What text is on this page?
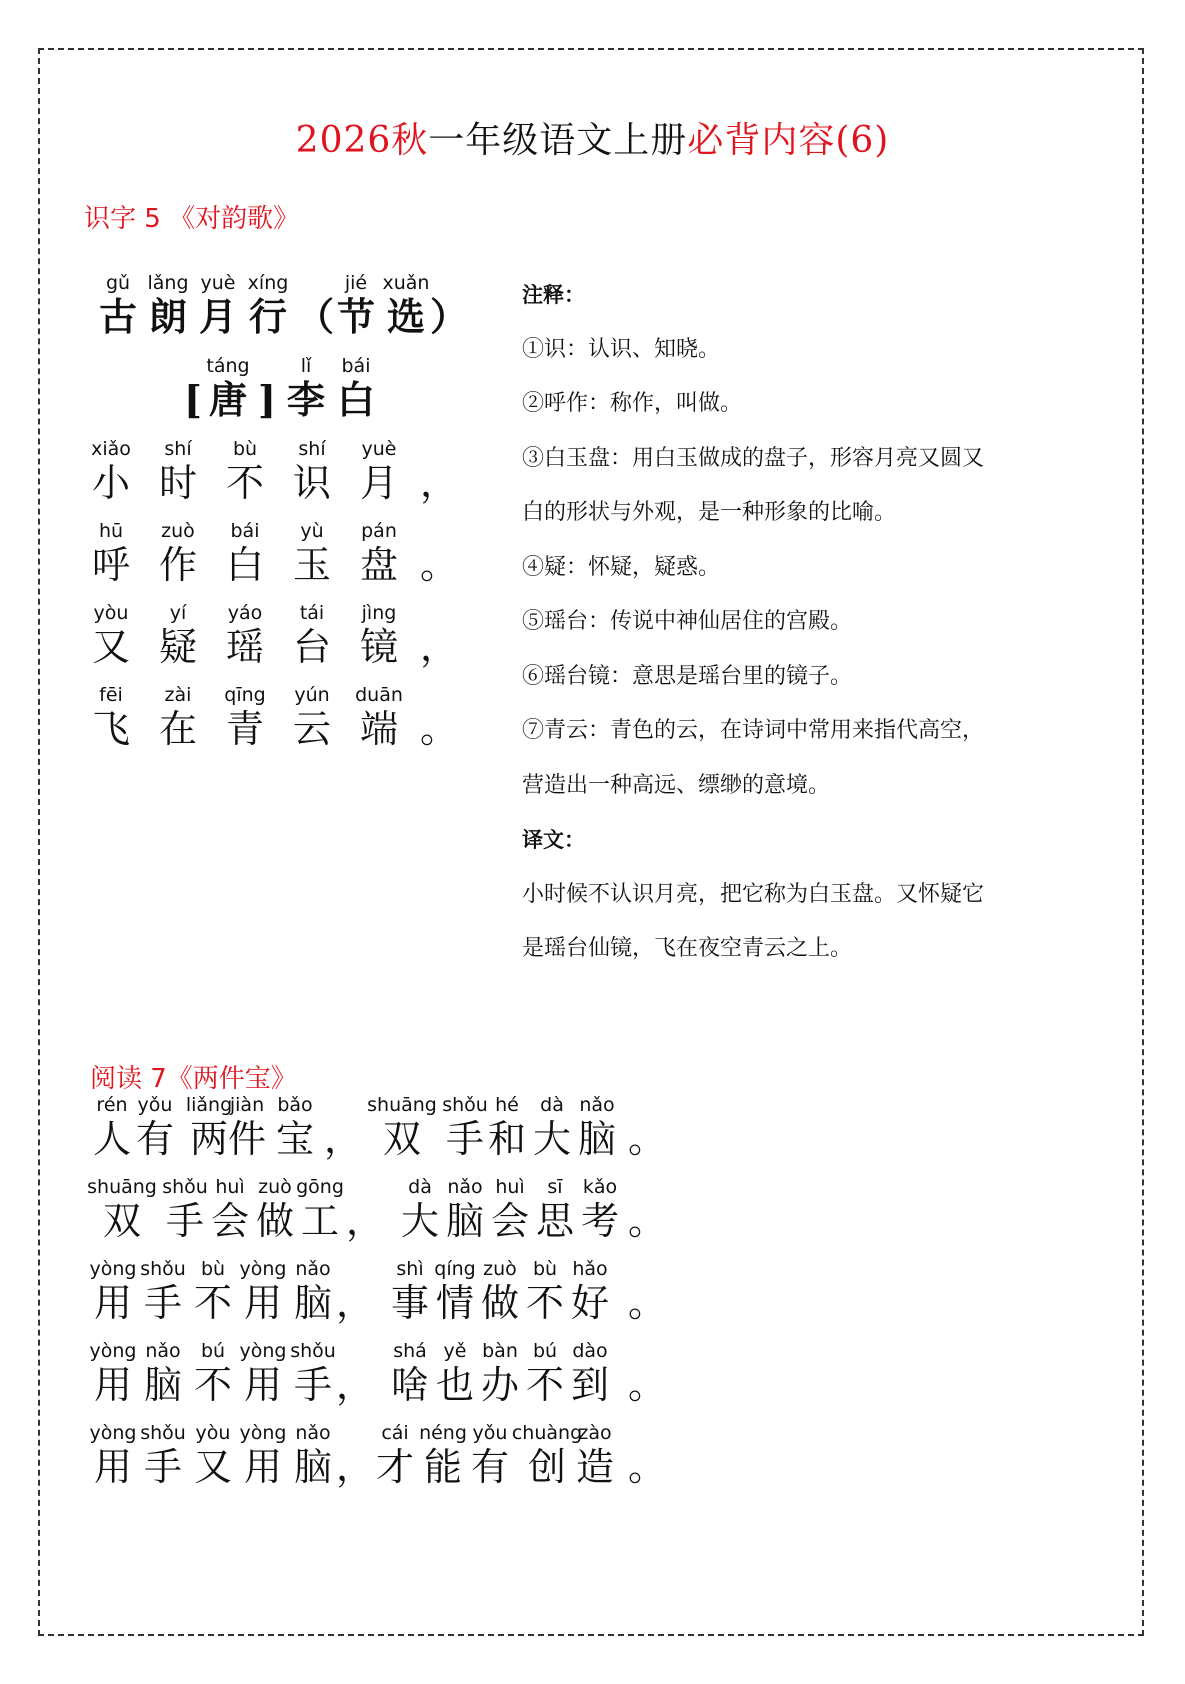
2026秋一年级语文上册必背内容(6)
识字 5 《对韵歌》
gǔ
古
lǎng
朗
yuè
月
xíng
行 （
jié
节
xuǎn
选 ）
[
táng
唐 ]
lǐ
李
bái
白
xiǎo
小
shí
时
bù
不
shí
识
yuè
月 ，
hū
呼
zuò
作
bái
白
yù
玉
pán
盘 。
yòu
又
yí
疑
yáo
瑶
tái
台
jìng
镜 ，
fēi
飞
zài
在
qīng
青
yún
云
duān
端 。

注释：

①识：认识、知晓。

②呼作：称作，叫做。

③白玉盘：用白玉做成的盘子，形容月亮又圆又

白的形状与外观，是一种形象的比喻。

④疑：怀疑，疑惑。

⑤瑶台：传说中神仙居住的宫殿。

⑥瑶台镜：意思是瑶台里的镜子。

⑦青云：青色的云，在诗词中常用来指代高空，

营造出一种高远、缥缈的意境。

译文：

小时候不认识月亮，把它称为白玉盘。又怀疑它

是瑶台仙镜，飞在夜空青云之上。

阅读 7《两件宝》
rén
人
yǒu
有
liǎng
两
jiàn
件
bǎo
宝 ，
shuāng
双
shǒu
手
hé
和
dà
大
nǎo
脑 。
shuāng
双
shǒu
手
huì
会
zuò
做
gōng
工 ，
dà
大
nǎo
脑
huì
会
sī
思
kǎo
考 。
yòng
用
shǒu
手
bù
不
yòng
用
nǎo
脑 ，
shì
事
qíng
情
zuò
做
bù
不
hǎo
好 。
yòng
用
nǎo
脑
bú
不
yòng
用
shǒu
手 ，
shá
啥
yě
也
bàn
办
bú
不
dào
到 。
yòng
用
shǒu
手
yòu
又
yòng
用
nǎo
脑 ，
cái
才
néng
能
yǒu
有
chuàng
创
zào
造 。
